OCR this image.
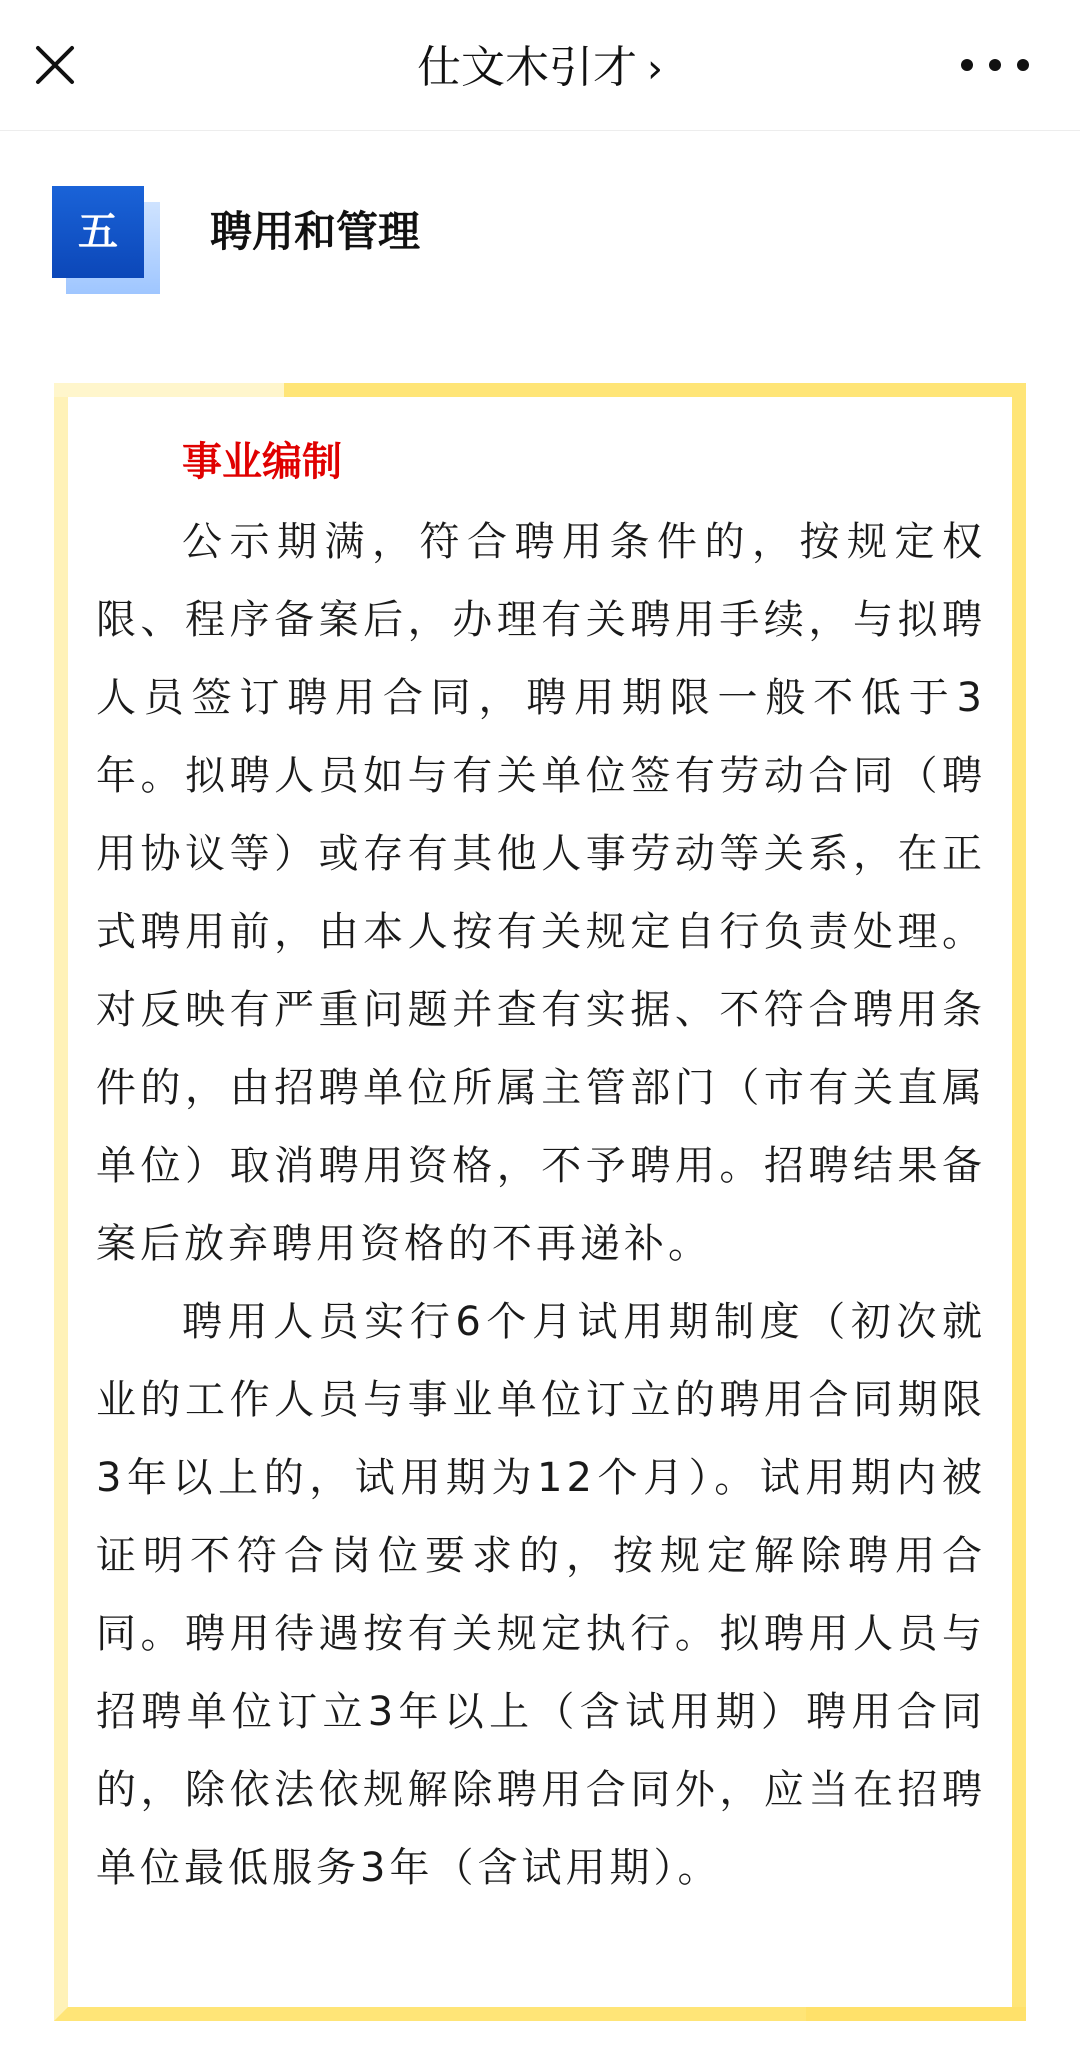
仕文木引才 ›
五	聘用和管理
事业编制

公示期满，符合聘用条件的，按规定权限、程序备案后，办理有关聘用手续，与拟聘人员签订聘用合同，聘用期限一般不低于3年。拟聘人员如与有关单位签有劳动合同（聘用协议等）或存有其他人事劳动等关系，在正式聘用前，由本人按有关规定自行负责处理。对反映有严重问题并查有实据、不符合聘用条件的，由招聘单位所属主管部门（市有关直属单位）取消聘用资格，不予聘用。招聘结果备案后放弃聘用资格的不再递补。

聘用人员实行6个月试用期制度（初次就业的工作人员与事业单位订立的聘用合同期限3年以上的，试用期为12个月）。试用期内被证明不符合岗位要求的，按规定解除聘用合同。聘用待遇按有关规定执行。拟聘用人员与招聘单位订立3年以上（含试用期）聘用合同的，除依法依规解除聘用合同外，应当在招聘单位最低服务3年（含试用期）。
